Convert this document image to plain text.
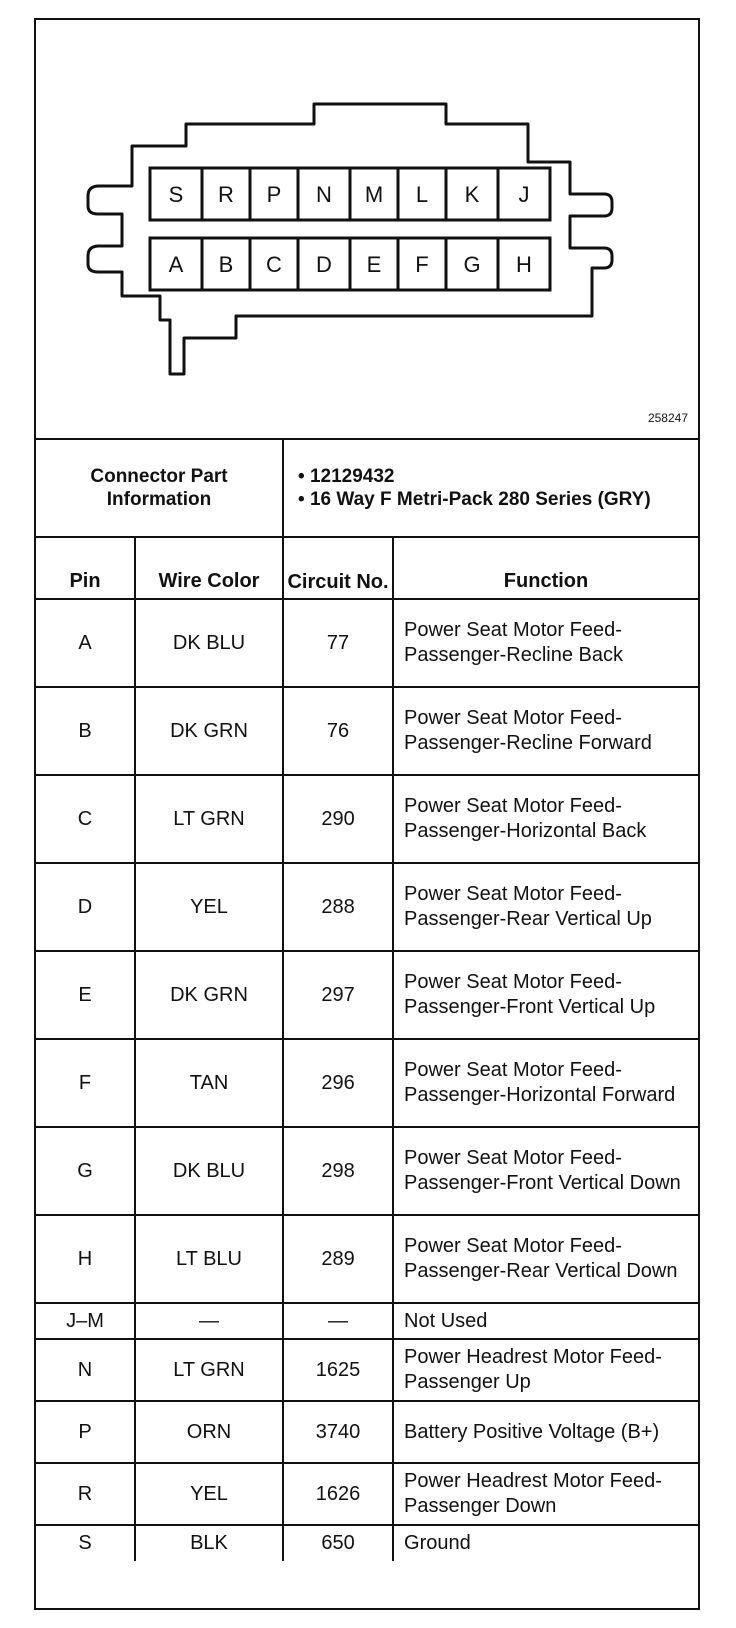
S R P N M L K J
A B C D E F G H
258247
Connector Part Information		• 12129432
• 16 Way F Metri-Pack 280 Series (GRY)	

Pin	Wire Color	Circuit No.	Function
A	DK BLU	77	Power Seat Motor Feed-Passenger-Recline Back
B	DK GRN	76	Power Seat Motor Feed-Passenger-Recline Forward
C	LT GRN	290	Power Seat Motor Feed-Passenger-Horizontal Back
D	YEL	288	Power Seat Motor Feed-Passenger-Rear Vertical Up
E	DK GRN	297	Power Seat Motor Feed-Passenger-Front Vertical Up
F	TAN	296	Power Seat Motor Feed-Passenger-Horizontal Forward
G	DK BLU	298	Power Seat Motor Feed-Passenger-Front Vertical Down
H	LT BLU	289	Power Seat Motor Feed-Passenger-Rear Vertical Down
J–M	—	—	Not Used
N	LT GRN	1625	Power Headrest Motor Feed-Passenger Up
P	ORN	3740	Battery Positive Voltage (B+)
R	YEL	1626	Power Headrest Motor Feed-Passenger Down
S	BLK	650	Ground
